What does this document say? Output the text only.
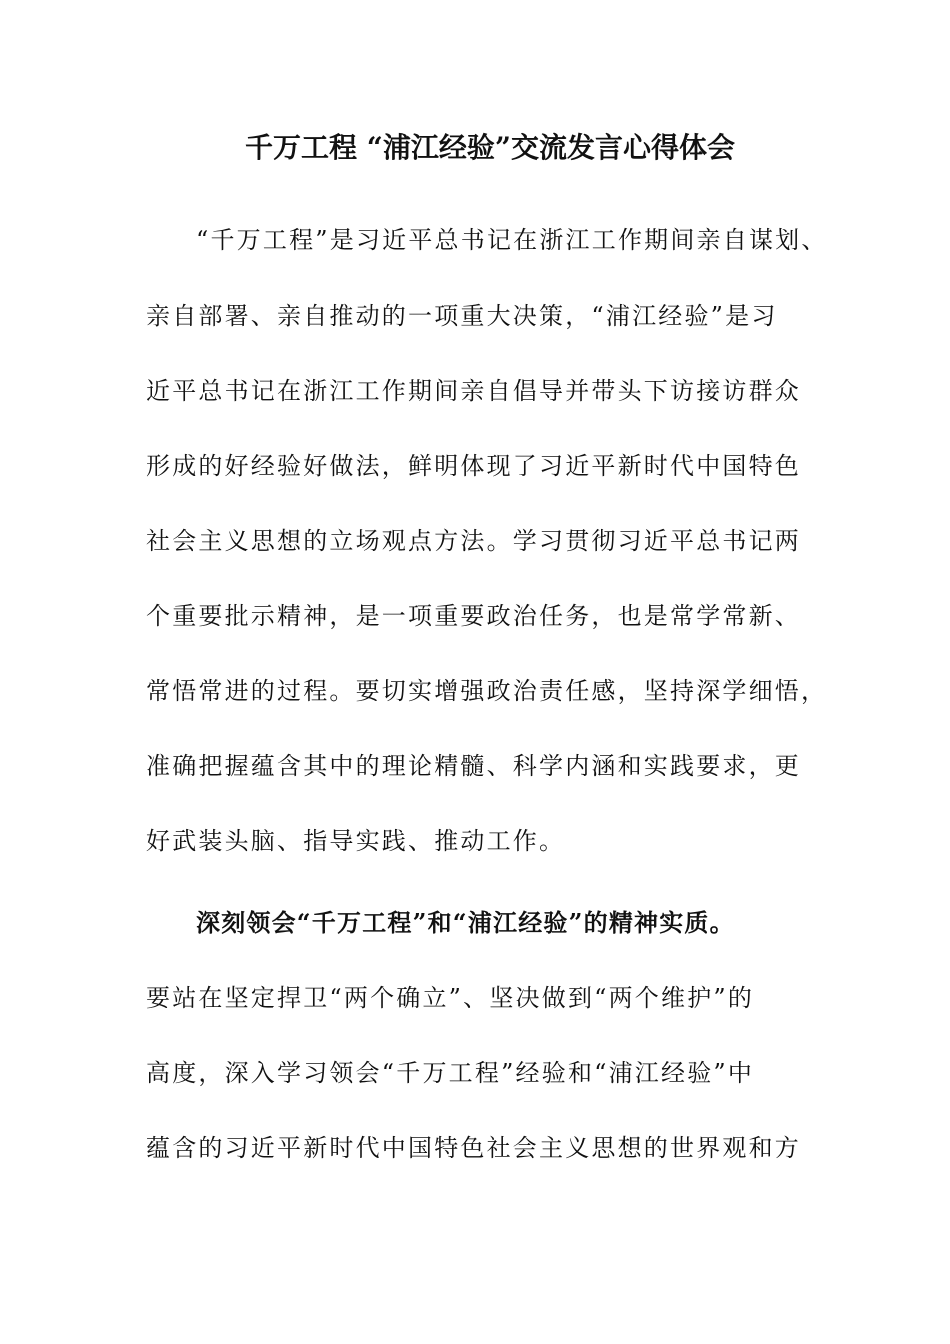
千万工程 “浦江经验”交流发言心得体会
“千万工程”是习近平总书记在浙江工作期间亲自谋划、
亲自部署、亲自推动的一项重大决策，“浦江经验”是习
近平总书记在浙江工作期间亲自倡导并带头下访接访群众
形成的好经验好做法，鲜明体现了习近平新时代中国特色
社会主义思想的立场观点方法。学习贯彻习近平总书记两
个重要批示精神，是一项重要政治任务，也是常学常新、
常悟常进的过程。要切实增强政治责任感，坚持深学细悟，
准确把握蕴含其中的理论精髓、科学内涵和实践要求，更
好武装头脑、指导实践、推动工作。
深刻领会“千万工程”和“浦江经验”的精神实质。
要站在坚定捍卫“两个确立”、坚决做到“两个维护”的
高度，深入学习领会“千万工程”经验和“浦江经验”中
蕴含的习近平新时代中国特色社会主义思想的世界观和方
